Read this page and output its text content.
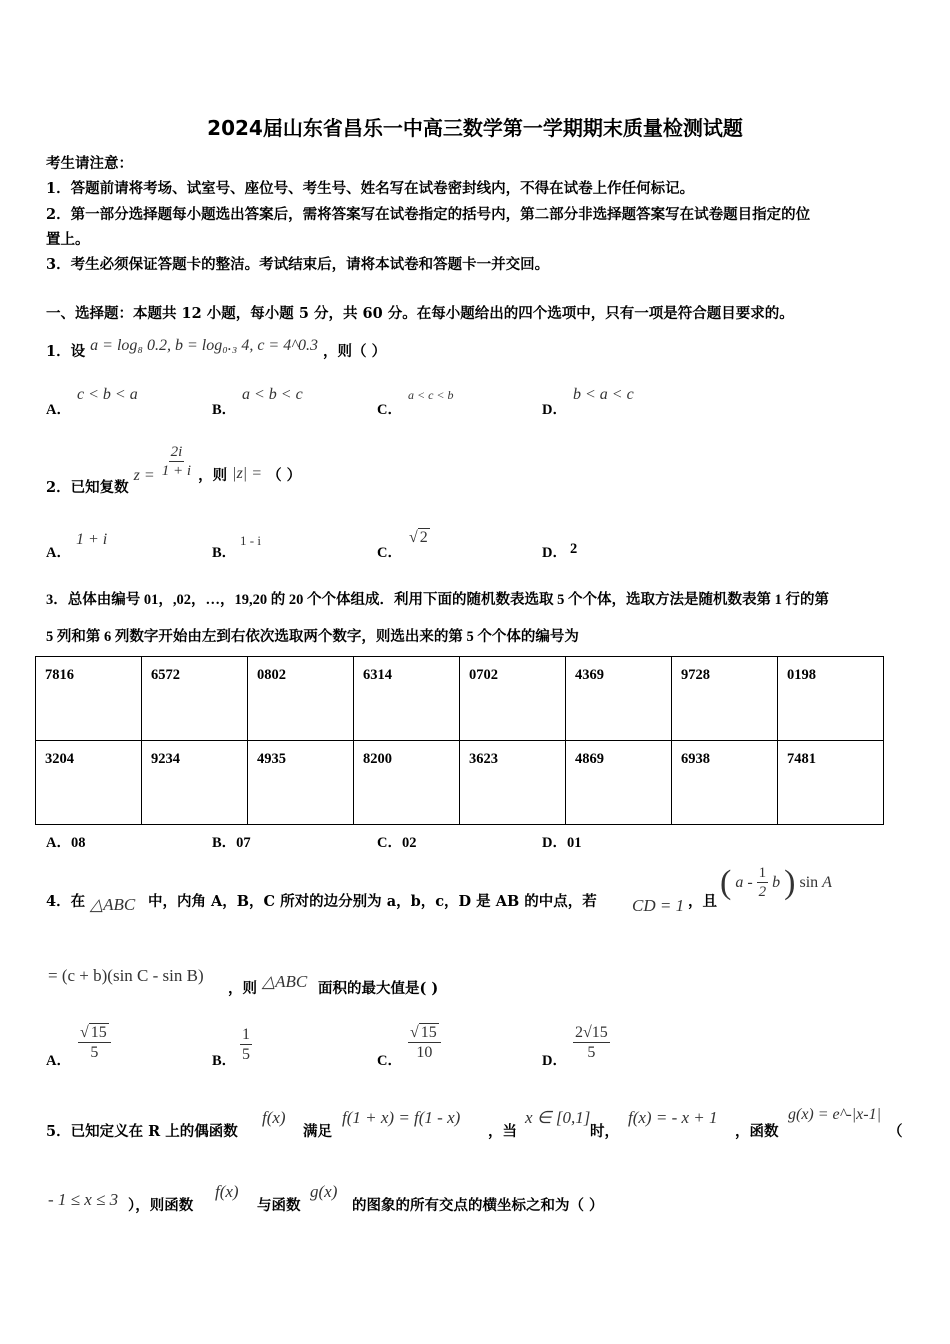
2024届山东省昌乐一中高三数学第一学期期末质量检测试题
考生请注意：
1．答题前请将考场、试室号、座位号、考生号、姓名写在试卷密封线内，不得在试卷上作任何标记。
2．第一部分选择题每小题选出答案后，需将答案写在试卷指定的括号内，第二部分非选择题答案写在试卷题目指定的位
置上。
3．考生必须保证答题卡的整洁。考试结束后，请将本试卷和答题卡一并交回。
一、选择题：本题共 12 小题，每小题 5 分，共 60 分。在每小题给出的四个选项中，只有一项是符合题目要求的。
1．设 a = log₈ 0.2, b = log₀.₃ 4, c = 4^0.3 ，则（ ）
A．
c < b < a
B．
a < b < c
C．
a < c < b
D．
b < a < c
2．已知复数 $z = \frac{2i}{1 + i}$ ，则 |z| = （ ）
A．
1 + i
B．
1 - i
C．
√ 2
D． 2
3．总体由编号 01，,02，…，19,20 的 20 个个体组成．利用下面的随机数表选取 5 个个体，选取方法是随机数表第 1 行的第
5 列和第 6 列数字开始由左到右依次选取两个数字，则选出来的第 5 个个体的编号为
7816	6572	0802	6314	0702	4369	9728	0198

3204	9234	4935	8200	3623	4869	6938	7481
A．08	B．07	C．02	D．01
4．在 △ABC 中，内角 A，B，C 所对的边分别为 a，b，c，D 是 AB 的中点，若 CD = 1 ，且
( a - $\frac{1}{2}$ b ) sin A
= (c + b)(sin C - sin B)
，则 △ABC 面积的最大值是( )
A． $\frac{√ 15}{5}$	B． $\frac{1}{5}$	C． $\frac{√ 15}{10}$	D． $\frac{2√15}{5}$
5．已知定义在 R 上的偶函数
f(x)
满足
f(1 + x) = f(1 - x)
，当
x ∈ [0,1]
时，
f(x) = - x + 1
，函数
g(x) = e^-|x-1|
（
- 1 ≤ x ≤ 3 ），则函数
f(x)
与函数
g(x)
的图象的所有交点的横坐标之和为（ ）
